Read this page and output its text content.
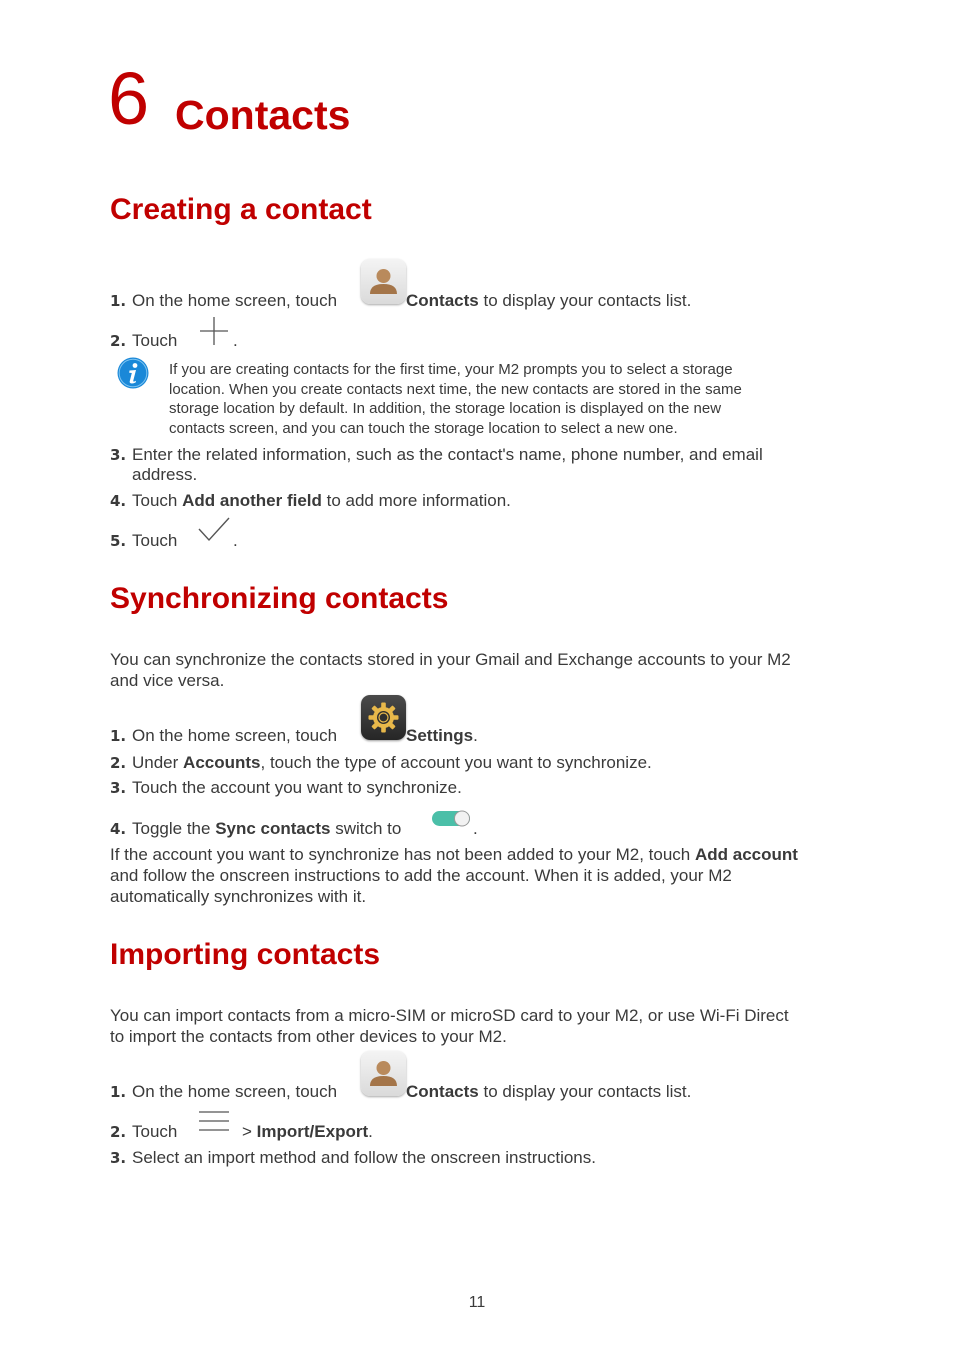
6 Contacts
Creating a contact
1. On the home screen, touch	Contacts to display your contacts list.
2. Touch	.
If you are creating contacts for the first time, your M2 prompts you to select a storage
location. When you create contacts next time, the new contacts are stored in the same
storage location by default. In addition, the storage location is displayed on the new
contacts screen, and you can touch the storage location to select a new one.
3. Enter the related information, such as the contact's name, phone number, and email
address.
4. Touch Add another field to add more information.
5. Touch	.
Synchronizing contacts
You can synchronize the contacts stored in your Gmail and Exchange accounts to your M2
and vice versa.
1. On the home screen, touch	Settings.
2. Under Accounts, touch the type of account you want to synchronize.
3. Touch the account you want to synchronize.
4. Toggle the Sync contacts switch to	.
If the account you want to synchronize has not been added to your M2, touch Add account
and follow the onscreen instructions to add the account. When it is added, your M2
automatically synchronizes with it.
Importing contacts
You can import contacts from a micro-SIM or microSD card to your M2, or use Wi-Fi Direct
to import the contacts from other devices to your M2.
1. On the home screen, touch	Contacts to display your contacts list.
2. Touch	> Import/Export.
3. Select an import method and follow the onscreen instructions.
11
